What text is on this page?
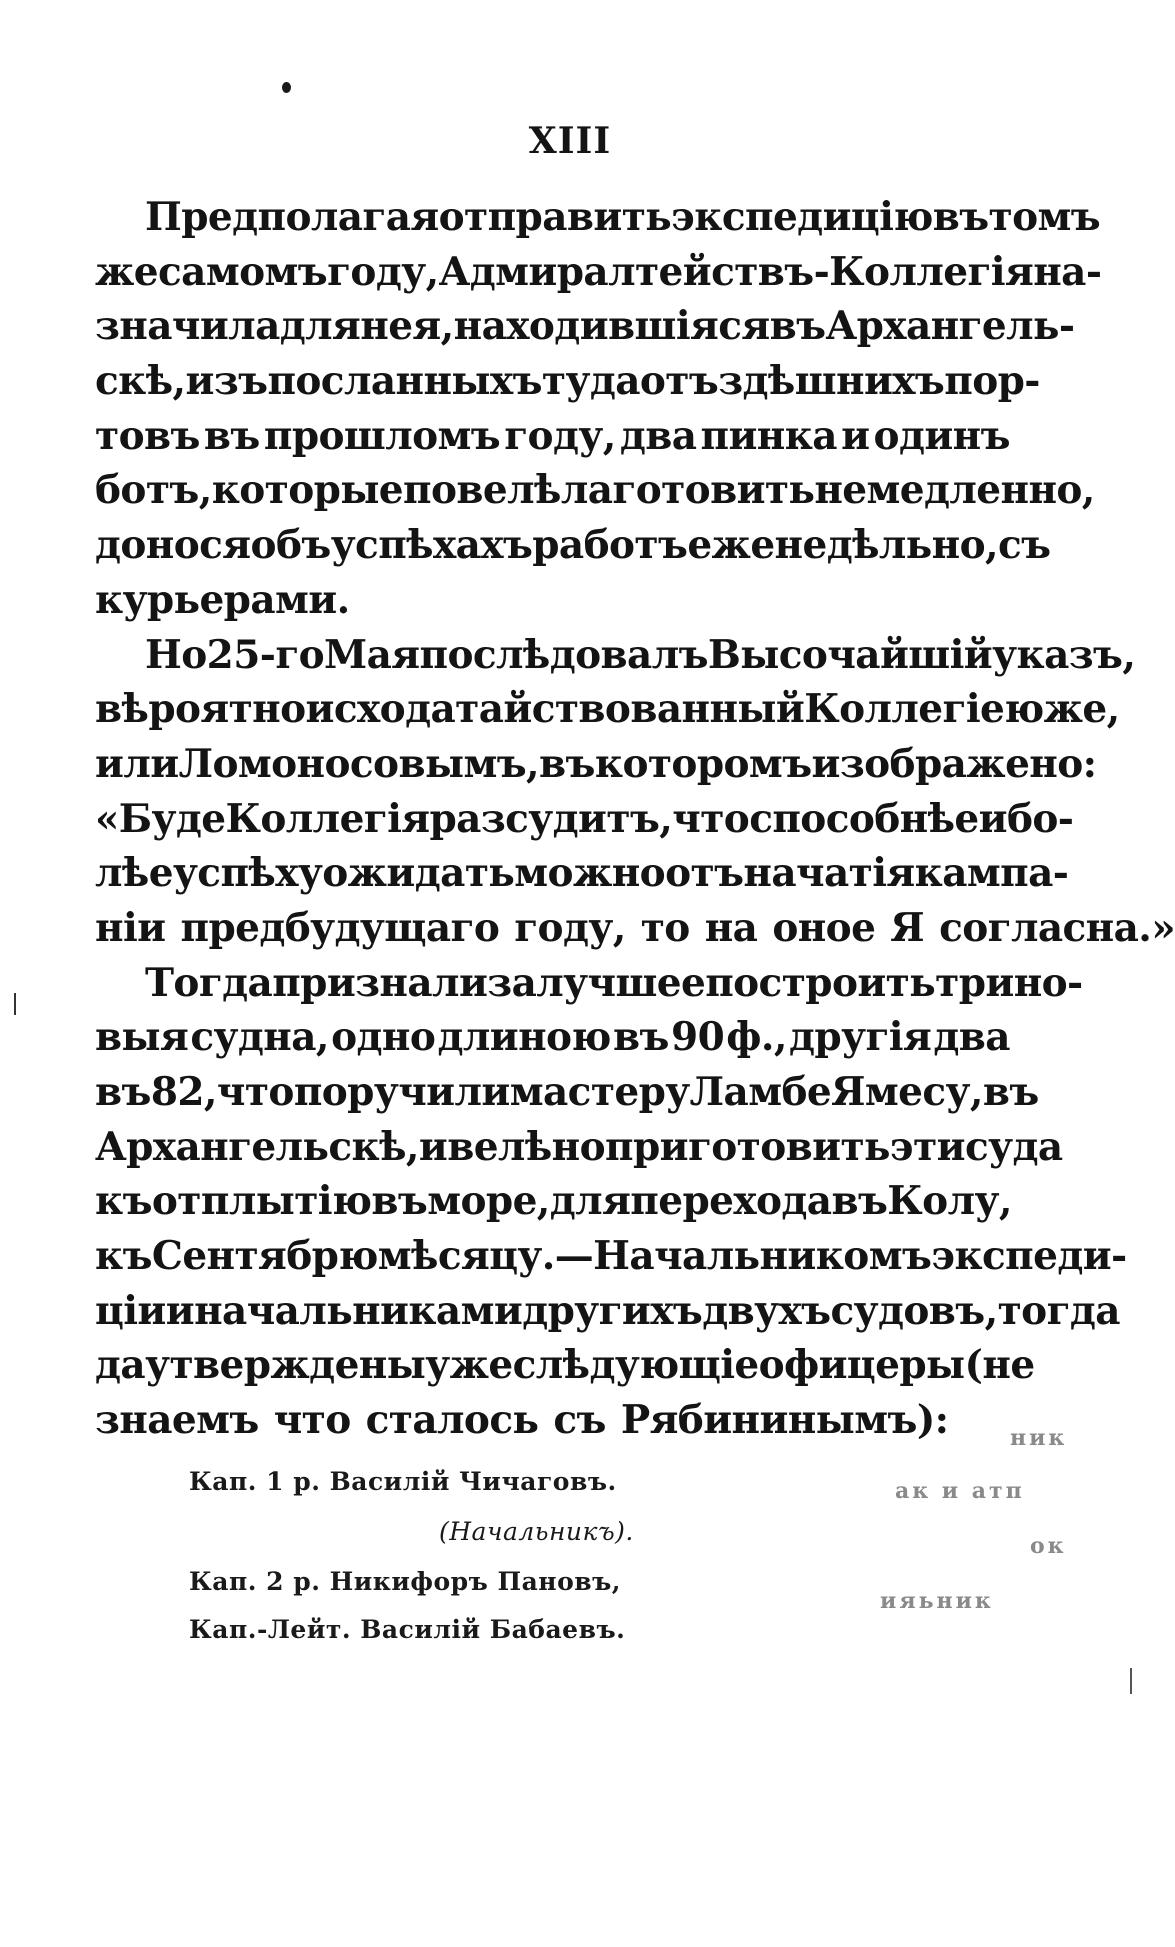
XIII
Предполагая отправить экспедицію въ томъ
же самомъ году, Адмиралтействъ-Коллегія на-
значила для нея, находившіяся въ Архангель-
скѣ, изъ посланныхъ туда отъ здѣшнихъ пор-
товъ въ прошломъ году, два пинка и одинъ
ботъ, которые повелѣла готовить немедленно,
донося объ успѣхахъ работъ еженедѣльно, съ
курьерами.
Но 25-го Мая послѣдовалъ Высочайшій указъ,
вѣроятно исходатайствованный Коллегіею же,
или Ломоносовымъ, въ которомъ изображено:
«Буде Коллегія разсудитъ, что способнѣе и бо-
лѣе успѣху ожидать можно отъ начатія кампа-
ніи предбудущаго году, то на оное Я согласна.»
Тогда признали за лучшее построить три но-
выя судна, одно длиною въ 90 ф., другія два
въ 82, что поручили мастеру Ламбе Ямесу, въ
Архангельскѣ, и велѣно приготовить эти суда
къ отплытію въ море, для перехода въ Колу,
къ Сентябрю мѣсяцу.—Начальникомъ экспеди-
ціи и начальниками другихъ двухъ судовъ, тогда
да утверждены уже слѣдующіе офицеры (не
знаемъ что сталось съ Рябининымъ):
Кап. 1 р. Василій Чичаговъ.
(Начальникъ).
Кап. 2 р. Никифоръ Пановъ,
Кап.-Лейт. Василій Бабаевъ.
ник
ак и атп
ок
ияьник
